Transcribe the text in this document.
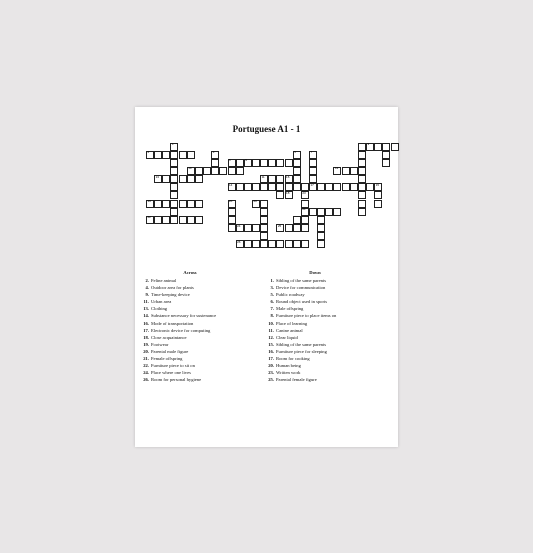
Portuguese A1 - 1
1
2
3
4
6	9
5	7
10	12
13	11	16
14	17	15
18
19	20
21
22
20
24	25
26
23
Across
2. Feline animal
4. Outdoor area for plants
9. Time-keeping device
11. Urban area
13. Clothing
14. Substance necessary for sustenance
16. Mode of transportation
17. Electronic device for computing
18. Close acquaintance
19. Footwear
20. Parental male figure
21. Female offspring
22. Furniture piece to sit on
24. Place where one lives
26. Room for personal hygiene
Down
1. Sibling of the same parents
3. Device for communication
5. Public roadway
6. Round object used in sports
7. Male offspring
8. Furniture piece to place items on
10. Place of learning
11. Canine animal
12. Clear liquid
15. Sibling of the same parents
16. Furniture piece for sleeping
17. Room for cooking
20. Human being
23. Written work
25. Parental female figure
